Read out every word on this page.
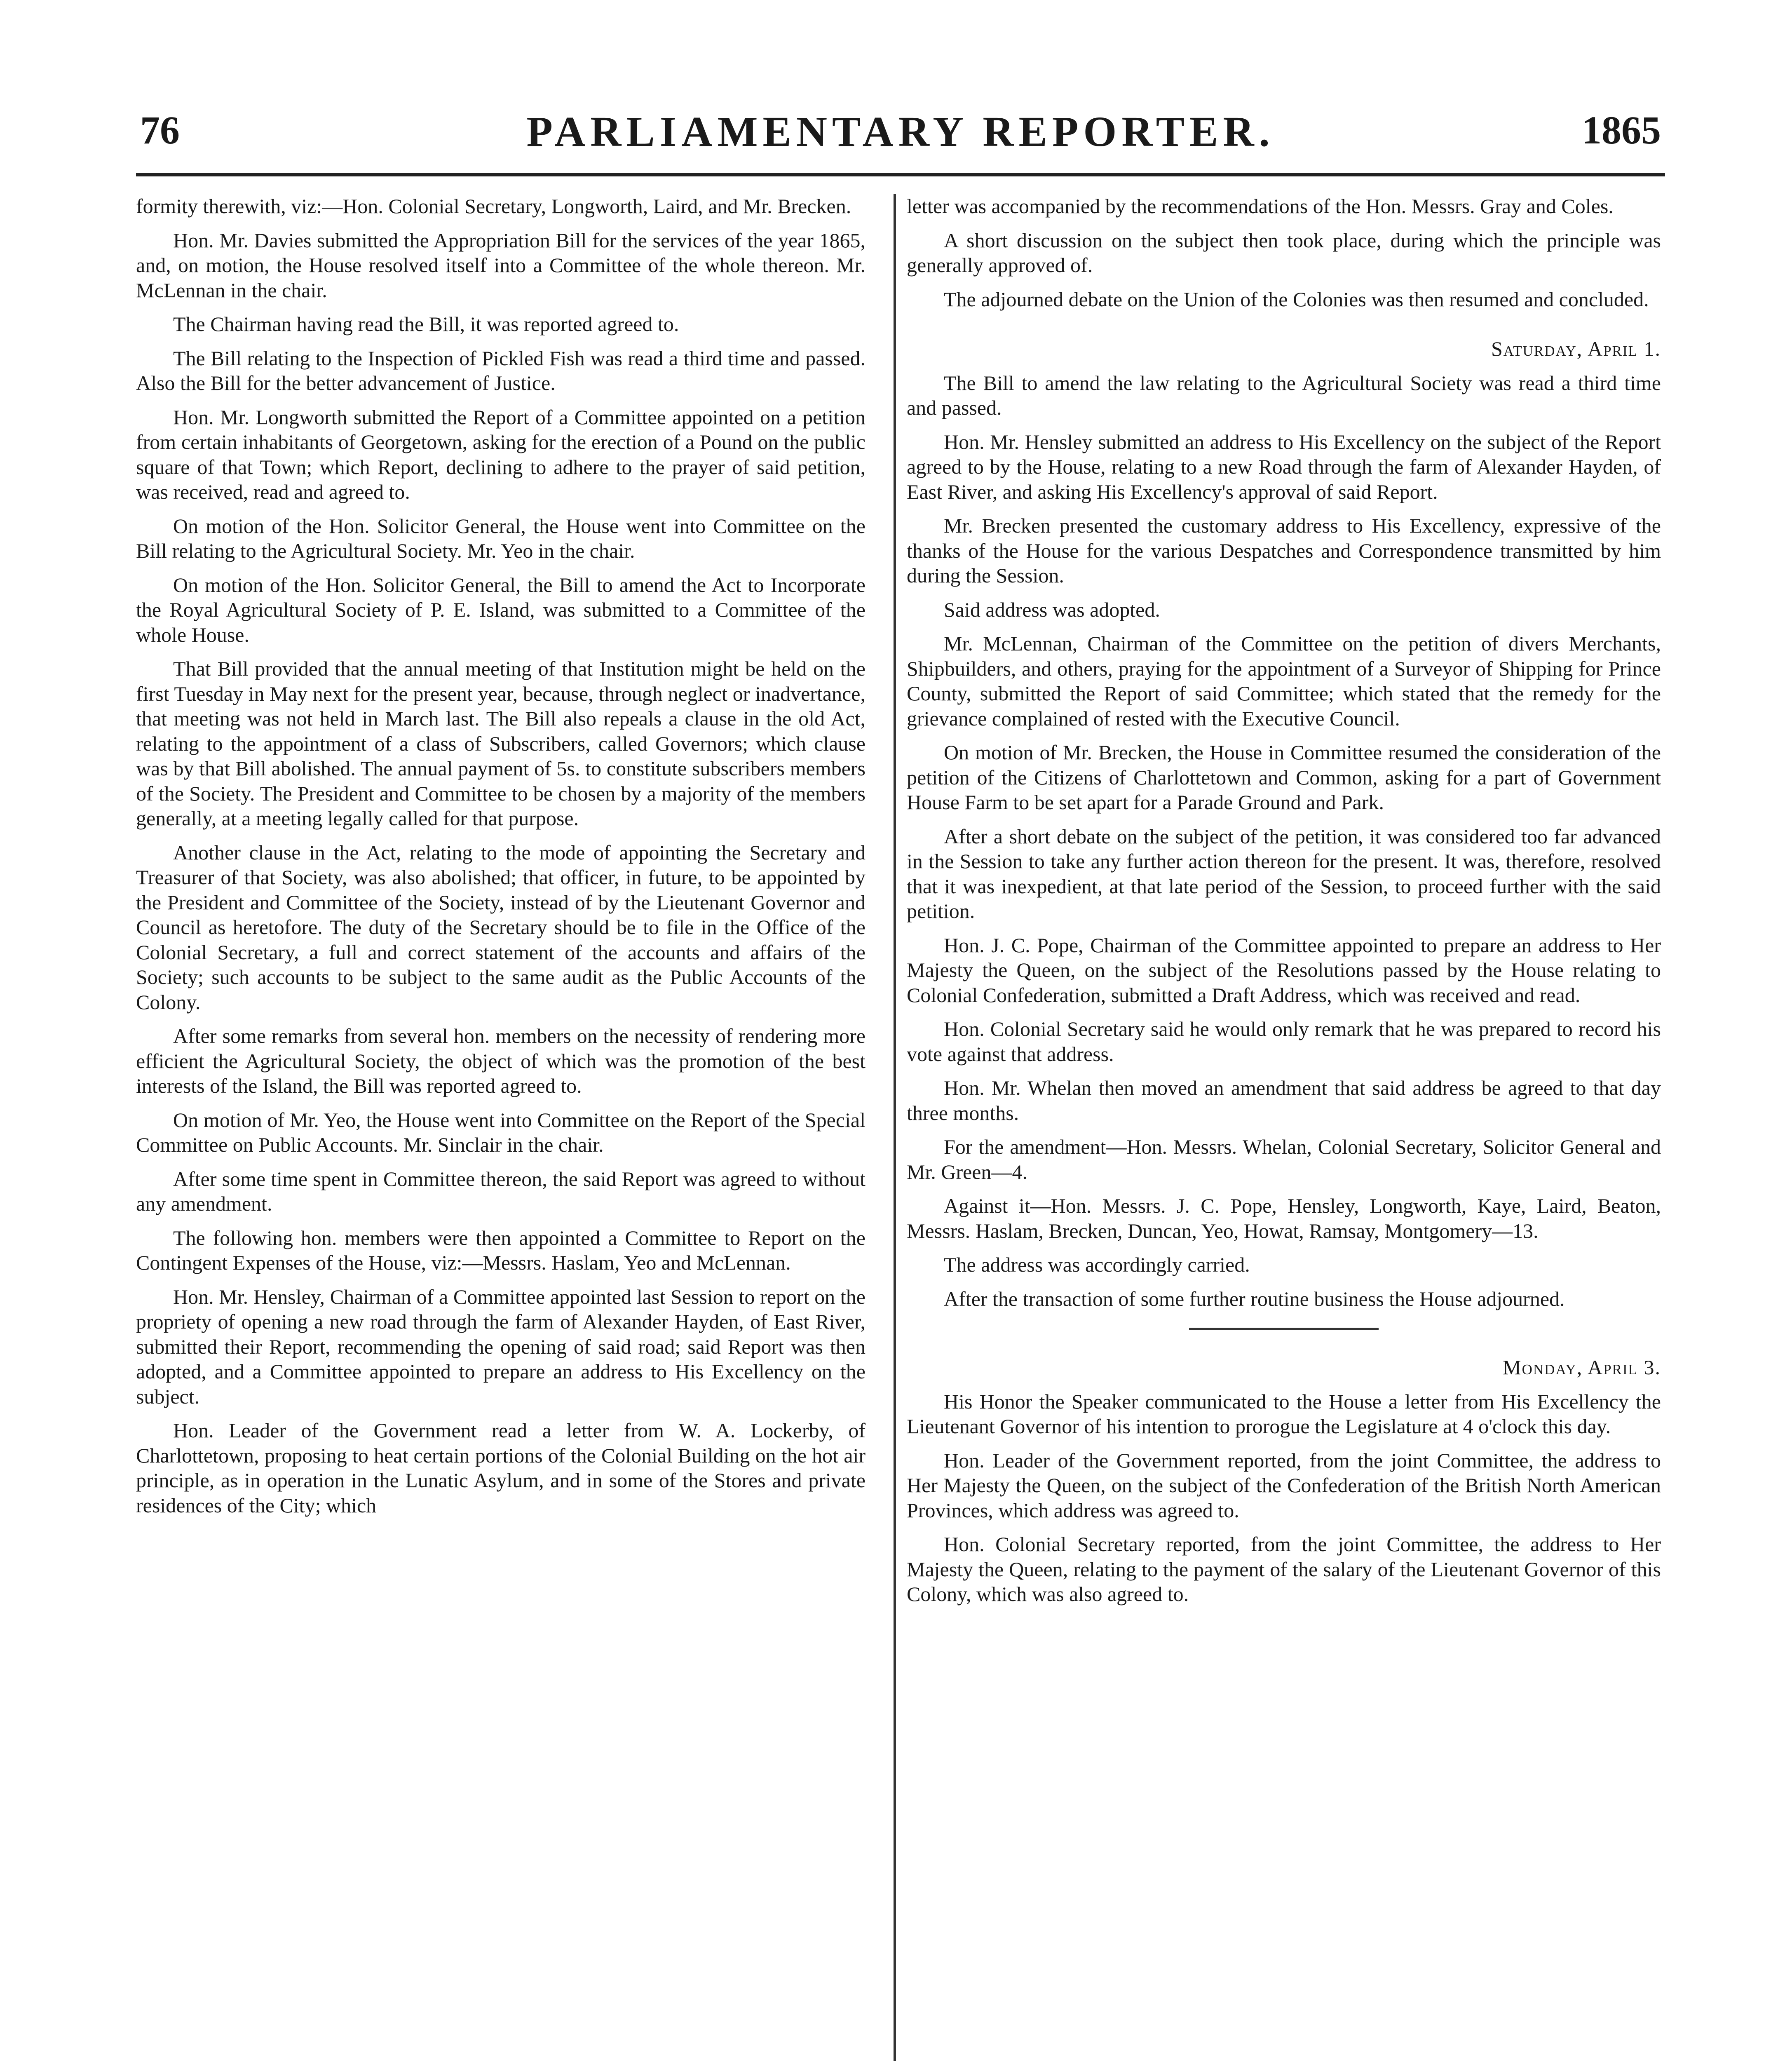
76	PARLIAMENTARY REPORTER.	1865

formity therewith, viz:—Hon. Colonial Secretary, Longworth, Laird, and Mr. Brecken.

Hon. Mr. Davies submitted the Appropriation Bill for the services of the year 1865, and, on motion, the House resolved itself into a Committee of the whole thereon. Mr. McLennan in the chair.

The Chairman having read the Bill, it was reported agreed to.

The Bill relating to the Inspection of Pickled Fish was read a third time and passed. Also the Bill for the better advancement of Justice.

Hon. Mr. Longworth submitted the Report of a Committee appointed on a petition from certain inhabitants of Georgetown, asking for the erection of a Pound on the public square of that Town; which Report, declining to adhere to the prayer of said petition, was received, read and agreed to.

On motion of the Hon. Solicitor General, the House went into Committee on the Bill relating to the Agricultural Society. Mr. Yeo in the chair.

On motion of the Hon. Solicitor General, the Bill to amend the Act to Incorporate the Royal Agricultural Society of P. E. Island, was submitted to a Committee of the whole House.

That Bill provided that the annual meeting of that Institution might be held on the first Tuesday in May next for the present year, because, through neglect or inadvertance, that meeting was not held in March last. The Bill also repeals a clause in the old Act, relating to the appointment of a class of Subscribers, called Governors; which clause was by that Bill abolished. The annual payment of 5s. to constitute subscribers members of the Society. The President and Committee to be chosen by a majority of the members generally, at a meeting legally called for that purpose.

Another clause in the Act, relating to the mode of appointing the Secretary and Treasurer of that Society, was also abolished; that officer, in future, to be appointed by the President and Committee of the Society, instead of by the Lieutenant Governor and Council as heretofore. The duty of the Secretary should be to file in the Office of the Colonial Secretary, a full and correct statement of the accounts and affairs of the Society; such accounts to be subject to the same audit as the Public Accounts of the Colony.

After some remarks from several hon. members on the necessity of rendering more efficient the Agricultural Society, the object of which was the promotion of the best interests of the Island, the Bill was reported agreed to.

On motion of Mr. Yeo, the House went into Committee on the Report of the Special Committee on Public Accounts. Mr. Sinclair in the chair.

After some time spent in Committee thereon, the said Report was agreed to without any amendment.

The following hon. members were then appointed a Committee to Report on the Contingent Expenses of the House, viz:—Messrs. Haslam, Yeo and McLennan.

Hon. Mr. Hensley, Chairman of a Committee appointed last Session to report on the propriety of opening a new road through the farm of Alexander Hayden, of East River, submitted their Report, recommending the opening of said road; said Report was then adopted, and a Committee appointed to prepare an address to His Excellency on the subject.

Hon. Leader of the Government read a letter from W. A. Lockerby, of Charlottetown, proposing to heat certain portions of the Colonial Building on the hot air principle, as in operation in the Lunatic Asylum, and in some of the Stores and private residences of the City; which

letter was accompanied by the recommendations of the Hon. Messrs. Gray and Coles.

A short discussion on the subject then took place, during which the principle was generally approved of.

The adjourned debate on the Union of the Colonies was then resumed and concluded.

Saturday, April 1.

The Bill to amend the law relating to the Agricultural Society was read a third time and passed.

Hon. Mr. Hensley submitted an address to His Excellency on the subject of the Report agreed to by the House, relating to a new Road through the farm of Alexander Hayden, of East River, and asking His Excellency's approval of said Report.

Mr. Brecken presented the customary address to His Excellency, expressive of the thanks of the House for the various Despatches and Correspondence transmitted by him during the Session.

Said address was adopted.

Mr. McLennan, Chairman of the Committee on the petition of divers Merchants, Shipbuilders, and others, praying for the appointment of a Surveyor of Shipping for Prince County, submitted the Report of said Committee; which stated that the remedy for the grievance complained of rested with the Executive Council.

On motion of Mr. Brecken, the House in Committee resumed the consideration of the petition of the Citizens of Charlottetown and Common, asking for a part of Government House Farm to be set apart for a Parade Ground and Park.

After a short debate on the subject of the petition, it was considered too far advanced in the Session to take any further action thereon for the present. It was, therefore, resolved that it was inexpedient, at that late period of the Session, to proceed further with the said petition.

Hon. J. C. Pope, Chairman of the Committee appointed to prepare an address to Her Majesty the Queen, on the subject of the Resolutions passed by the House relating to Colonial Confederation, submitted a Draft Address, which was received and read.

Hon. Colonial Secretary said he would only remark that he was prepared to record his vote against that address.

Hon. Mr. Whelan then moved an amendment that said address be agreed to that day three months.

For the amendment—Hon. Messrs. Whelan, Colonial Secretary, Solicitor General and Mr. Green—4.

Against it—Hon. Messrs. J. C. Pope, Hensley, Longworth, Kaye, Laird, Beaton, Messrs. Haslam, Brecken, Duncan, Yeo, Howat, Ramsay, Montgomery—13.

The address was accordingly carried.

After the transaction of some further routine business the House adjourned.

Monday, April 3.

His Honor the Speaker communicated to the House a letter from His Excellency the Lieutenant Governor of his intention to prorogue the Legislature at 4 o'clock this day.

Hon. Leader of the Government reported, from the joint Committee, the address to Her Majesty the Queen, on the subject of the Confederation of the British North American Provinces, which address was agreed to.

Hon. Colonial Secretary reported, from the joint Committee, the address to Her Majesty the Queen, relating to the payment of the salary of the Lieutenant Governor of this Colony, which was also agreed to.
